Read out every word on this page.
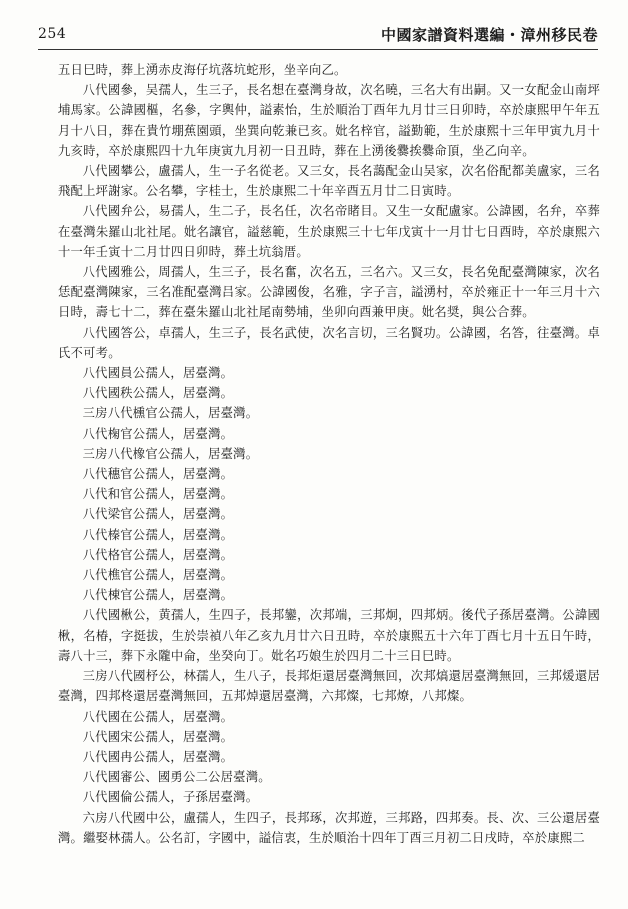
254	中國家譜資料選編・漳州移民卷

五日巳時，葬上湧赤皮海仔坑落坑蛇形，坐辛向乙。

八代國參，吴孺人，生三子，長名想在臺灣身故，次名曉，三名大有出嗣。又一女配金山南坪埔馬家。公諱國樞，名參，字輿仲，謚素怡，生於順治丁酉年九月廿三日卯時，卒於康熙甲午年五月十八日，葬在貴竹堋蕉園頭，坐巽向乾兼已亥。妣名梓官，謚勤範，生於康熙十三年甲寅九月十九亥時，卒於康熙四十九年庚寅九月初一日丑時，葬在上湧後爨挨爨命頂，坐乙向辛。

八代國攀公，盧孺人，生一子名從老。又三女，長名藹配金山吴家，次名俗配都美盧家，三名飛配上坪謝家。公名攀，字桂士，生於康熙二十年辛酉五月廿二日寅時。

八代國弁公，易孺人，生二子，長名任，次名帝睹目。又生一女配盧家。公諱國，名弁，卒葬在臺灣朱羅山北社尾。妣名讓官，謚慈範，生於康熙三十七年戊寅十一月廿七日酉時，卒於康熙六十一年壬寅十二月廿四日卯時，葬土坑翁厝。

八代國雅公，周孺人，生三子，長名奮，次名五，三名六。又三女，長名免配臺灣陳家，次名恁配臺灣陳家，三名准配臺灣吕家。公諱國俊，名雅，字子言，謚湧村，卒於雍正十一年三月十六日時，壽七十二，葬在臺朱羅山北社尾南勢埔，坐卯向酉兼甲庚。妣名奨，與公合葬。

八代國答公，卓孺人，生三子，長名武使，次名言切，三名賢功。公諱國，名答，往臺灣。卓氏不可考。

八代國員公孺人，居臺灣。

八代國秩公孺人，居臺灣。

三房八代櫄官公孺人，居臺灣。

八代椈官公孺人，居臺灣。

三房八代橡官公孺人，居臺灣。

八代穗官公孺人，居臺灣。

八代和官公孺人，居臺灣。

八代梁官公孺人，居臺灣。

八代榛官公孺人，居臺灣。

八代格官公孺人，居臺灣。

八代樵官公孺人，居臺灣。

八代棟官公孺人，居臺灣。

八代國楸公，黄孺人，生四子，長邦鑾，次邦端，三邦炯，四邦炳。後代子孫居臺灣。公諱國楸，名椿，字挺拔，生於崇禎八年乙亥九月廿六日丑時，卒於康熙五十六年丁酉七月十五日午時，壽八十三，葬下永隴中侖，坐癸向丁。妣名巧娘生於四月二十三日巳時。

三房八代國杼公，林孺人，生八子，長邦炬還居臺灣無回，次邦熇還居臺灣無回，三邦煖還居臺灣，四邦柊還居臺灣無回，五邦焯還居臺灣，六邦燦，七邦燎，八邦燦。

八代國在公孺人，居臺灣。

八代國宋公孺人，居臺灣。

八代國冉公孺人，居臺灣。

八代國審公、國勇公二公居臺灣。

八代國倫公孺人，子孫居臺灣。

六房八代國中公，盧孺人，生四子，長邦琢，次邦遊，三邦路，四邦奏。長、次、三公還居臺灣。繼娶林孺人。公名訂，字國中，謚信衷，生於順治十四年丁酉三月初二日戌時，卒於康熙二
